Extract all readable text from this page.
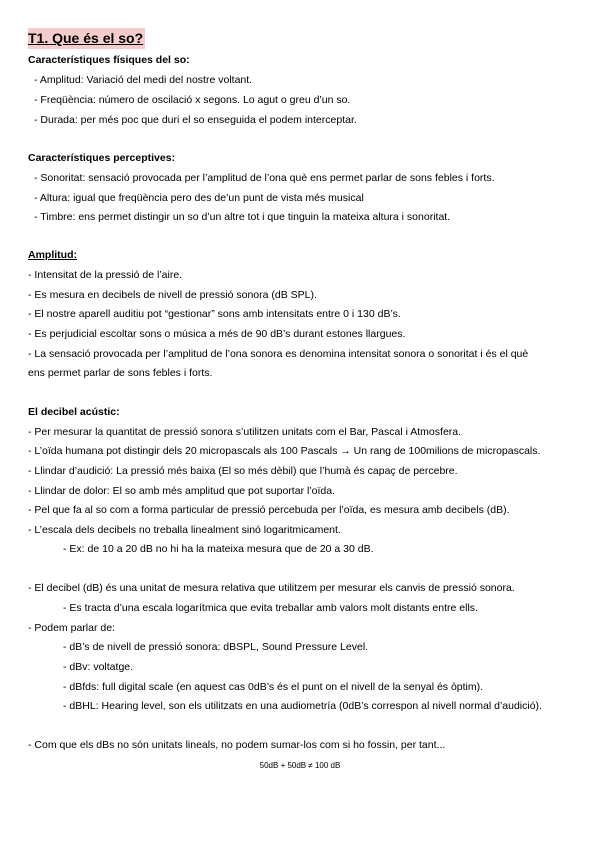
T1. Que és el so?

Característiques físiques del so:

- Amplitud: Variació del medi del nostre voltant.

- Freqüència: número de oscilació x segons. Lo agut o greu d’un so.

- Durada: per més poc que duri el so enseguida el podem interceptar.

Característiques perceptives:

- Sonoritat: sensació provocada per l’amplitud de l’ona què ens permet parlar de sons febles i forts.

- Altura: igual que freqüència pero des de’un punt de vista més musical

- Timbre: ens permet distingir un so d’un altre tot i que tinguin la mateixa altura i sonoritat.

Amplitud:

- Intensitat de la pressió de l’aire.

- Es mesura en decibels de nivell de pressió sonora (dB SPL).

- El nostre aparell auditiu pot “gestionar” sons amb intensitats entre 0 i 130 dB’s.

- Es perjudicial escoltar sons o música a més de 90 dB’s durant estones llargues.

- La sensació provocada per l’amplitud de l’ona sonora es denomina intensitat sonora o sonoritat i és el què

ens permet parlar de sons febles i forts.

El decibel acústic:

- Per mesurar la quantitat de pressió sonora s’utilitzen unitats com el Bar, Pascal i Atmosfera.

- L’oïda humana pot distingir dels 20 micropascals als 100 Pascals → Un rang de 100milions de micropascals.

- Llindar d’audició: La pressió més baixa (El so més dèbil) que l’humà és capaç de percebre.

- Llindar de dolor: El so amb més amplitud que pot suportar l’oïda.

- Pel que fa al so com a forma particular de pressió percebuda per l’oïda, es mesura amb decibels (dB).

- L’escala dels decibels no treballa linealment sinó logaritmicament.

- Ex: de 10 a 20 dB no hi ha la mateixa mesura que de 20 a 30 dB.

- El decibel (dB) és una unitat de mesura relativa que utilitzem per mesurar els canvis de pressió sonora.

- Es tracta d’una escala logarítmica que evita treballar amb valors molt distants entre ells.

- Podem parlar de:

- dB’s de nivell de pressió sonora: dBSPL, Sound Pressure Level.

- dBv: voltatge.

- dBfds: full digital scale (en aquest cas 0dB’s és el punt on el nivell de la senyal és òptim).

- dBHL: Hearing level, son els utilitzats en una audiometría (0dB’s correspon al nivell normal d’audició).

- Com que els dBs no són unitats lineals, no podem sumar-los com si ho fossin, per tant...

50dB + 50dB ≠ 100 dB
